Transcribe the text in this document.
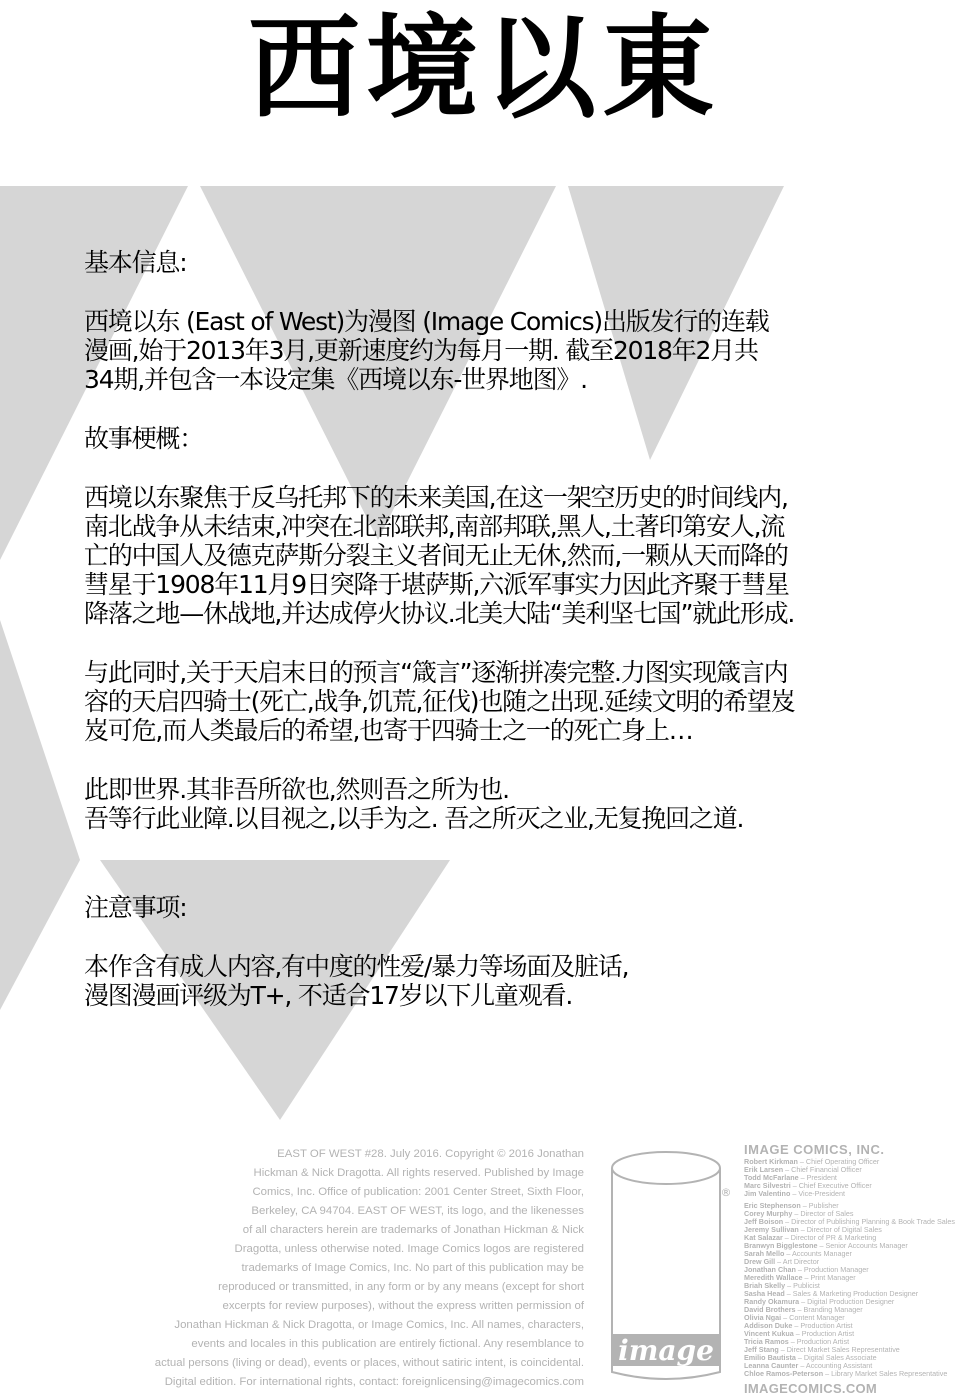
西境以東
基本信息:
西境以东 (East of West)为漫图 (Image Comics)出版发行的连载
漫画,始于2013年3月,更新速度约为每月一期. 截至2018年2月共
34期,并包含一本设定集《西境以东-世界地图》.
故事梗概：
西境以东聚焦于反乌托邦下的未来美国,在这一架空历史的时间线内,
南北战争从未结束,冲突在北部联邦,南部邦联,黑人,土著印第安人,流
亡的中国人及德克萨斯分裂主义者间无止无休,然而,一颗从天而降的
彗星于1908年11月9日突降于堪萨斯,六派军事实力因此齐聚于彗星
降落之地—休战地,并达成停火协议.北美大陆“美利坚七国”就此形成.
与此同时,关于天启末日的预言“箴言”逐渐拼凑完整.力图实现箴言内
容的天启四骑士(死亡,战争,饥荒,征伐)也随之出现.延续文明的希望岌
岌可危,而人类最后的希望,也寄于四骑士之一的死亡身上…
此即世界.其非吾所欲也,然则吾之所为也.
吾等行此业障.以目视之,以手为之. 吾之所灭之业,无复挽回之道.
注意事项:
本作含有成人内容,有中度的性爱/暴力等场面及脏话,
漫图漫画评级为T+, 不适合17岁以下儿童观看.
EAST OF WEST #28. July 2016. Copyright © 2016 Jonathan
Hickman & Nick Dragotta. All rights reserved. Published by Image
Comics, Inc. Office of publication: 2001 Center Street, Sixth Floor,
Berkeley, CA 94704. EAST OF WEST, its logo, and the likenesses
of all characters herein are trademarks of Jonathan Hickman & Nick
Dragotta, unless otherwise noted. Image Comics logos are registered
trademarks of Image Comics, Inc. No part of this publication may be
reproduced or transmitted, in any form or by any means (except for short
excerpts for review purposes), without the express written permission of
Jonathan Hickman & Nick Dragotta, or Image Comics, Inc. All names, characters,
events and locales in this publication are entirely fictional. Any resemblance to
actual persons (living or dead), events or places, without satiric intent, is coincidental.
Digital edition. For international rights, contact: foreignlicensing@imagecomics.com
image
®
IMAGE COMICS, INC.
Robert Kirkman – Chief Operating Officer
Erik Larsen – Chief Financial Officer
Todd McFarlane – President
Marc Silvestri – Chief Executive Officer
Jim Valentino – Vice-President
Eric Stephenson – Publisher
Corey Murphy – Director of Sales
Jeff Boison – Director of Publishing Planning & Book Trade Sales
Jeremy Sullivan – Director of Digital Sales
Kat Salazar – Director of PR & Marketing
Branwyn Bigglestone – Senior Accounts Manager
Sarah Mello – Accounts Manager
Drew Gill – Art Director
Jonathan Chan – Production Manager
Meredith Wallace – Print Manager
Briah Skelly – Publicist
Sasha Head – Sales & Marketing Production Designer
Randy Okamura – Digital Production Designer
David Brothers – Branding Manager
Olivia Ngai – Content Manager
Addison Duke – Production Artist
Vincent Kukua – Production Artist
Tricia Ramos – Production Artist
Jeff Stang – Direct Market Sales Representative
Emilio Bautista – Digital Sales Associate
Leanna Caunter – Accounting Assistant
Chloe Ramos-Peterson – Library Market Sales Representative
IMAGECOMICS.COM
